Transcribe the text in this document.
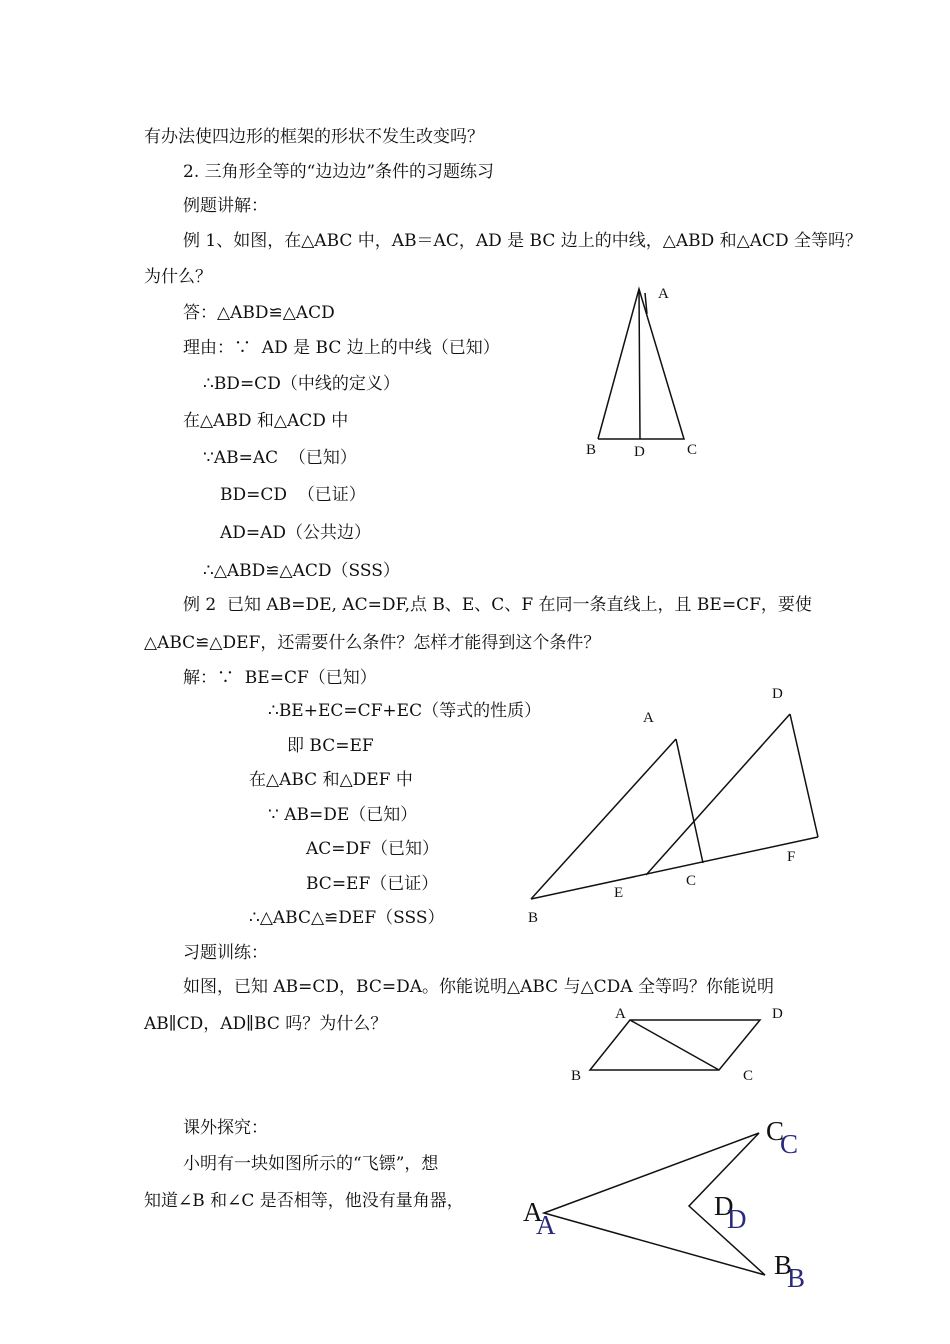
有办法使四边形的框架的形状不发生改变吗？
2. 三角形全等的“边边边”条件的习题练习
例题讲解：
例 1、如图，在△ABC 中，AB＝AC，AD 是 BC 边上的中线，△ABD 和△ACD 全等吗？
为什么？
答：△ABD≌△ACD
理由：∵  AD 是 BC 边上的中线（已知）
∴BD=CD（中线的定义）
在△ABD 和△ACD 中
∵AB=AC  （已知）
BD=CD  （已证）
AD=AD（公共边）
∴△ABD≌△ACD（SSS）
例 2  已知 AB=DE, AC=DF,点 B、E、C、F 在同一条直线上，且 BE=CF，要使
△ABC≌△DEF，还需要什么条件？怎样才能得到这个条件？
解：∵  BE=CF（已知）
∴BE+EC=CF+EC（等式的性质）
即 BC=EF
在△ABC 和△DEF 中
∵ AB=DE（已知）
AC=DF（已知）
BC=EF（已证）
∴△ABC△≌DEF（SSS）
习题训练：
如图，已知 AB=CD，BC=DA。你能说明△ABC 与△CDA 全等吗？你能说明
AB∥CD，AD∥BC 吗？为什么？
课外探究：
小明有一块如图所示的“飞镖”，想
知道∠B 和∠C 是否相等，他没有量角器，
A
B	D	C
A
D
B
E
C
F
A	D
B	C
C
C
A
A
D
D
B
B
